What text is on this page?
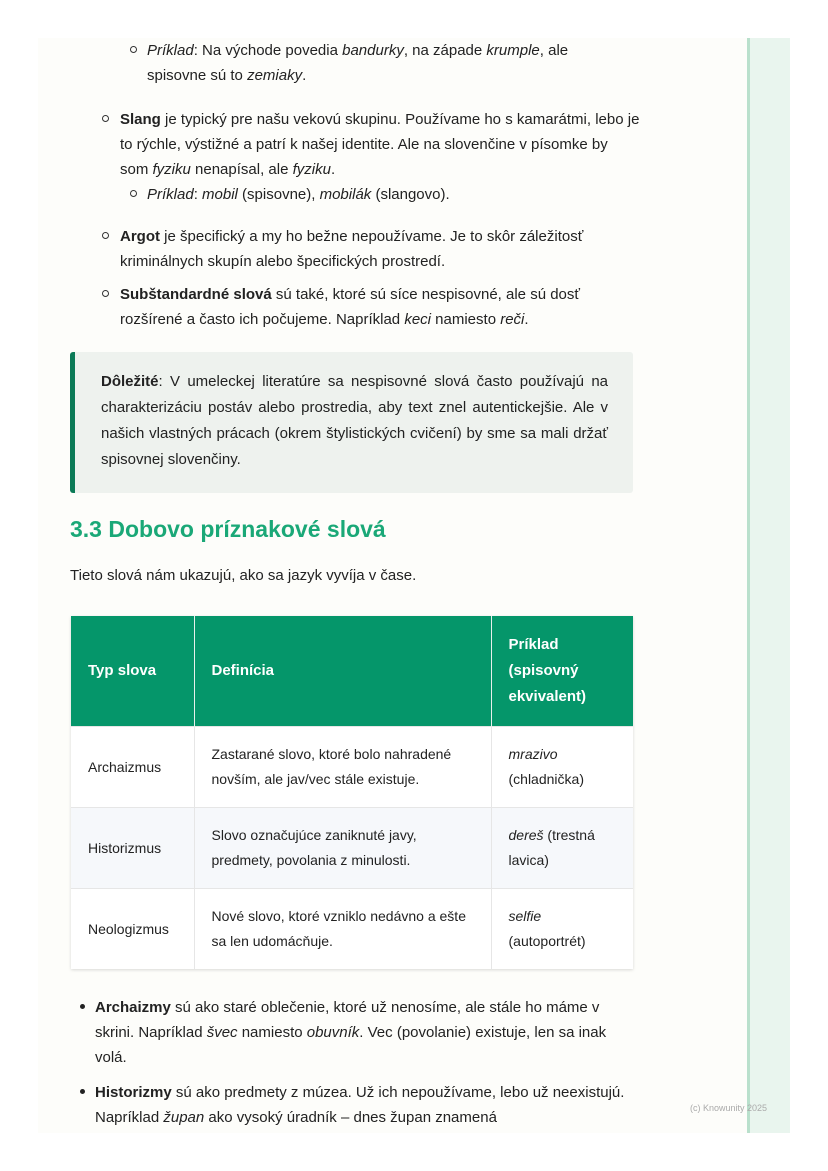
Príklad: Na východe povedia bandurky, na západe krumple, ale spisovne sú to zemiaky.
Slang je typický pre našu vekovú skupinu. Používame ho s kamarátmi, lebo je to rýchle, výstižné a patrí k našej identite. Ale na slovenčine v písomke by som fyziku nenapísal, ale fyziku.
Príklad: mobil (spisovne), mobilák (slangovo).
Argot je špecifický a my ho bežne nepoužívame. Je to skôr záležitosť kriminálnych skupín alebo špecifických prostredí.
Subštandardné slová sú také, ktoré sú síce nespisovné, ale sú dosť rozšírené a často ich počujeme. Napríklad keci namiesto reči.

Dôležité: V umeleckej literatúre sa nespisovné slová často používajú na charakterizáciu postáv alebo prostredia, aby text znel autentickejšie. Ale v našich vlastných prácach (okrem štylistických cvičení) by sme sa mali držať spisovnej slovenčiny.

3.3 Dobovo príznakové slová
Tieto slová nám ukazujú, ako sa jazyk vyvíja v čase.
Typ slova	Definícia	Príklad (spisovný ekvivalent)
Archaizmus	Zastarané slovo, ktoré bolo nahradené novším, ale jav/vec stále existuje.	mrazivo (chladnička)
Historizmus	Slovo označujúce zaniknuté javy, predmety, povolania z minulosti.	dereš (trestná lavica)
Neologizmus	Nové slovo, ktoré vzniklo nedávno a ešte sa len udomácňuje.	selfie (autoportrét)
Archaizmy sú ako staré oblečenie, ktoré už nenosíme, ale stále ho máme v skrini. Napríklad švec namiesto obuvník. Vec (povolanie) existuje, len sa inak volá.
Historizmy sú ako predmety z múzea. Už ich nepoužívame, lebo už neexistujú. Napríklad župan ako vysoký úradník – dnes župan znamená
(c) Knowunity 2025
